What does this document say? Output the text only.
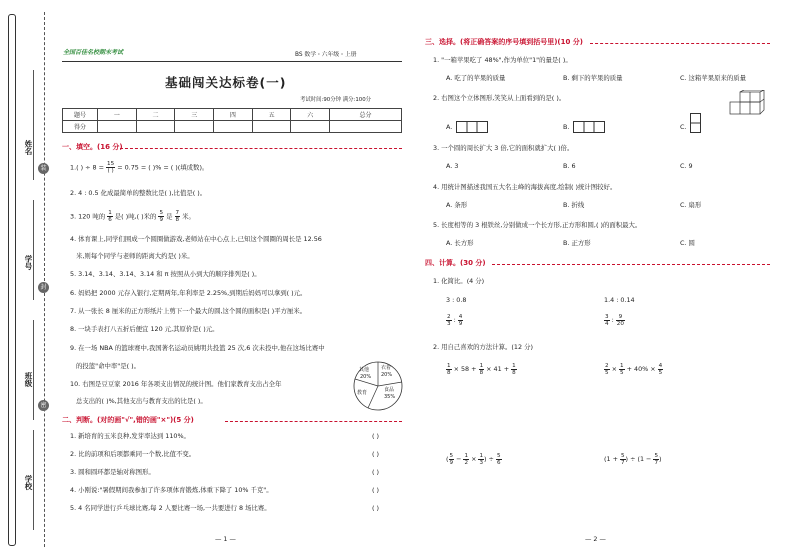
姓名
学号
班级
学校
装
封
密
全国百佳名校期末考试	BS 数学・六年级・上册
基础闯关达标卷(一)
考试时间:90分钟 满分:100分
题号	一	二	三	四	五	六	总分
得分							
一、填空。(16 分)
1.( ) ÷ $8 = \frac{15}{( )} = 0.75$ = ( )% = ( )(填成数)。
2. 4 : 0.5 化成最简单的整数比是( ),比值是( )。
3. 120 吨的 $\frac{1}{6}$ 是( )吨,( )米的 $\frac{5}{9}$ 是 $\frac{7}{8}$ 米。
4. 体育课上,同学们围成一个圆圈做游戏,老师站在中心点上,已知这个圆圈的周长是 12.56
米,则每个同学与老师的距离大约是( )米。
5. 3.14、3.14̇、3.1̇4̇、3.14 和 π 按照从小到大的顺序排列是( )。
6. 妈妈把 2000 元存入银行,定期两年,年利率是 2.25%,到期后妈妈可以拿到( )元。
7. 从一张长 8 厘米的正方形纸片上剪下一个最大的圆,这个圆的面积是( )平方厘米。
8. 一块手表打八五折后便宜 120 元,其原价是( )元。
9. 在一场 NBA 的篮球赛中,我国著名运动员姚明共投篮 25 次,6 次未投中,他在这场比赛中
的投篮"命中率"是( )。
10. 右图是豆豆家 2016 年各项支出情况的统计图。他们家教育支出占全年
总支出的( )%,其他支出与教育支出的比是( )。
其他
20%
衣着
20%
食品
35%
教育
二、判断。(对的画"√",错的画"×")(5 分)
1. 新培育的玉米良种,发芽率达到 110%。	( )
2. 比的前项和后项都乘同一个数,比值不变。	( )
3. 圆和圆环都是轴对称图形。	( )
4. 小刚说:"暑假期间我参加了许多项体育锻炼,体重下降了 10% 千克"。	( )
5. 4 名同学进行乒乓球比赛,每 2 人要比赛一场,一共要进行 8 场比赛。	( )
— 1 —
三、选择。(将正确答案的序号填到括号里)(10 分)
1. "一箱苹果吃了 48%",作为单位"1"的量是( )。
A. 吃了的苹果的质量	B. 剩下的苹果的质量	C. 这箱苹果原来的质量
2. 右图这个立体图形,笑笑从上面看到的是( )。
A.	B.	C.
3. 一个圆的周长扩大 3 倍,它的面积就扩大( )倍。
A. 3	B. 6	C. 9
4. 用统计图描述我国五大名主峰的海拔高度,绘制( )统计图较好。
A. 条形	B. 折线	C. 扇形
5. 长度相等的 3 根铁丝,分别做成一个长方形,正方形和圆,( )的面积最大。
A. 长方形	B. 正方形	C. 圆
四、计算。(30 分)
1. 化简比。(4 分)
3 : 0.8	1.4 : 0.14
$\frac{2}{3}$ : $\frac{4}{9}$	$\frac{3}{4}$ : $\frac{9}{20}$
2. 用自己喜欢的方法计算。(12 分)
$\frac{1}{8} \times 58 + \frac{1}{8} \times 41 + \frac{1}{8}$	$\frac{2}{5} \times \frac{1}{5} + 40\% \times \frac{4}{5}$
( $\frac{5}{9} - \frac{1}{2} \times \frac{1}{3}$ ) ÷ $\frac{5}{6}$	($1 + \frac{5}{7}$ ) ÷ ($1 - \frac{5}{7}$ )
— 2 —
